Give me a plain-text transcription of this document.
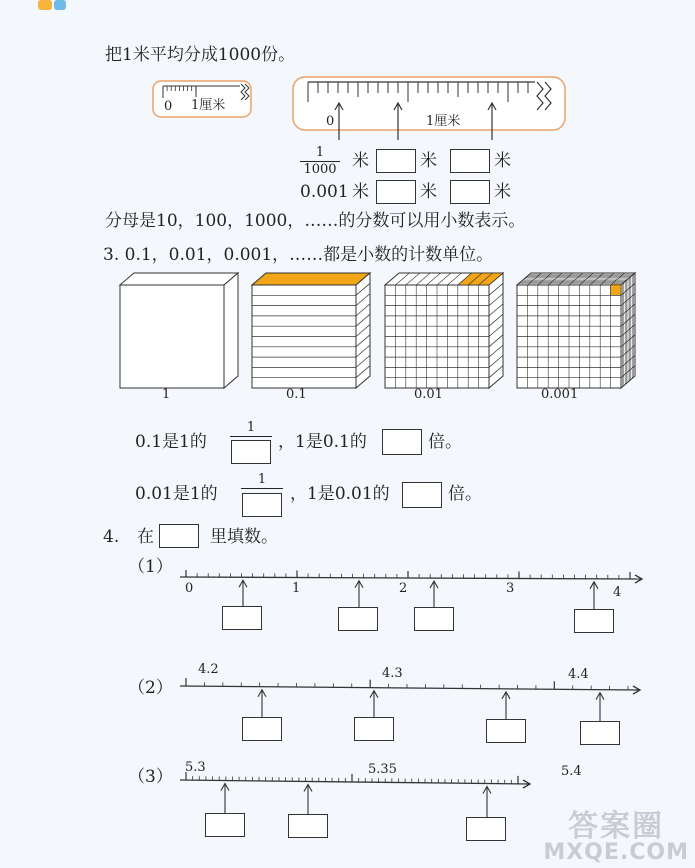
把1米平均分成1000份。
0 1厘米
0	1厘米
1
1000 米	米	米
0.001 米	米	米
分母是10，100，1000，……的分数可以用小数表示。
3. 0.1，0.01，0.001，……都是小数的计数单位。
1	0.1	0.01	0.001
0.1是1的
1
，1是0.1的	倍。
0.01是1的
1
，1是0.01的	倍。
4. 在	里填数。
（1）
0	1	2	3	4
（2）
4.2	4.3	4.4
（3） 5.3	5.35	5.4
答案圈
MXQE.COM
